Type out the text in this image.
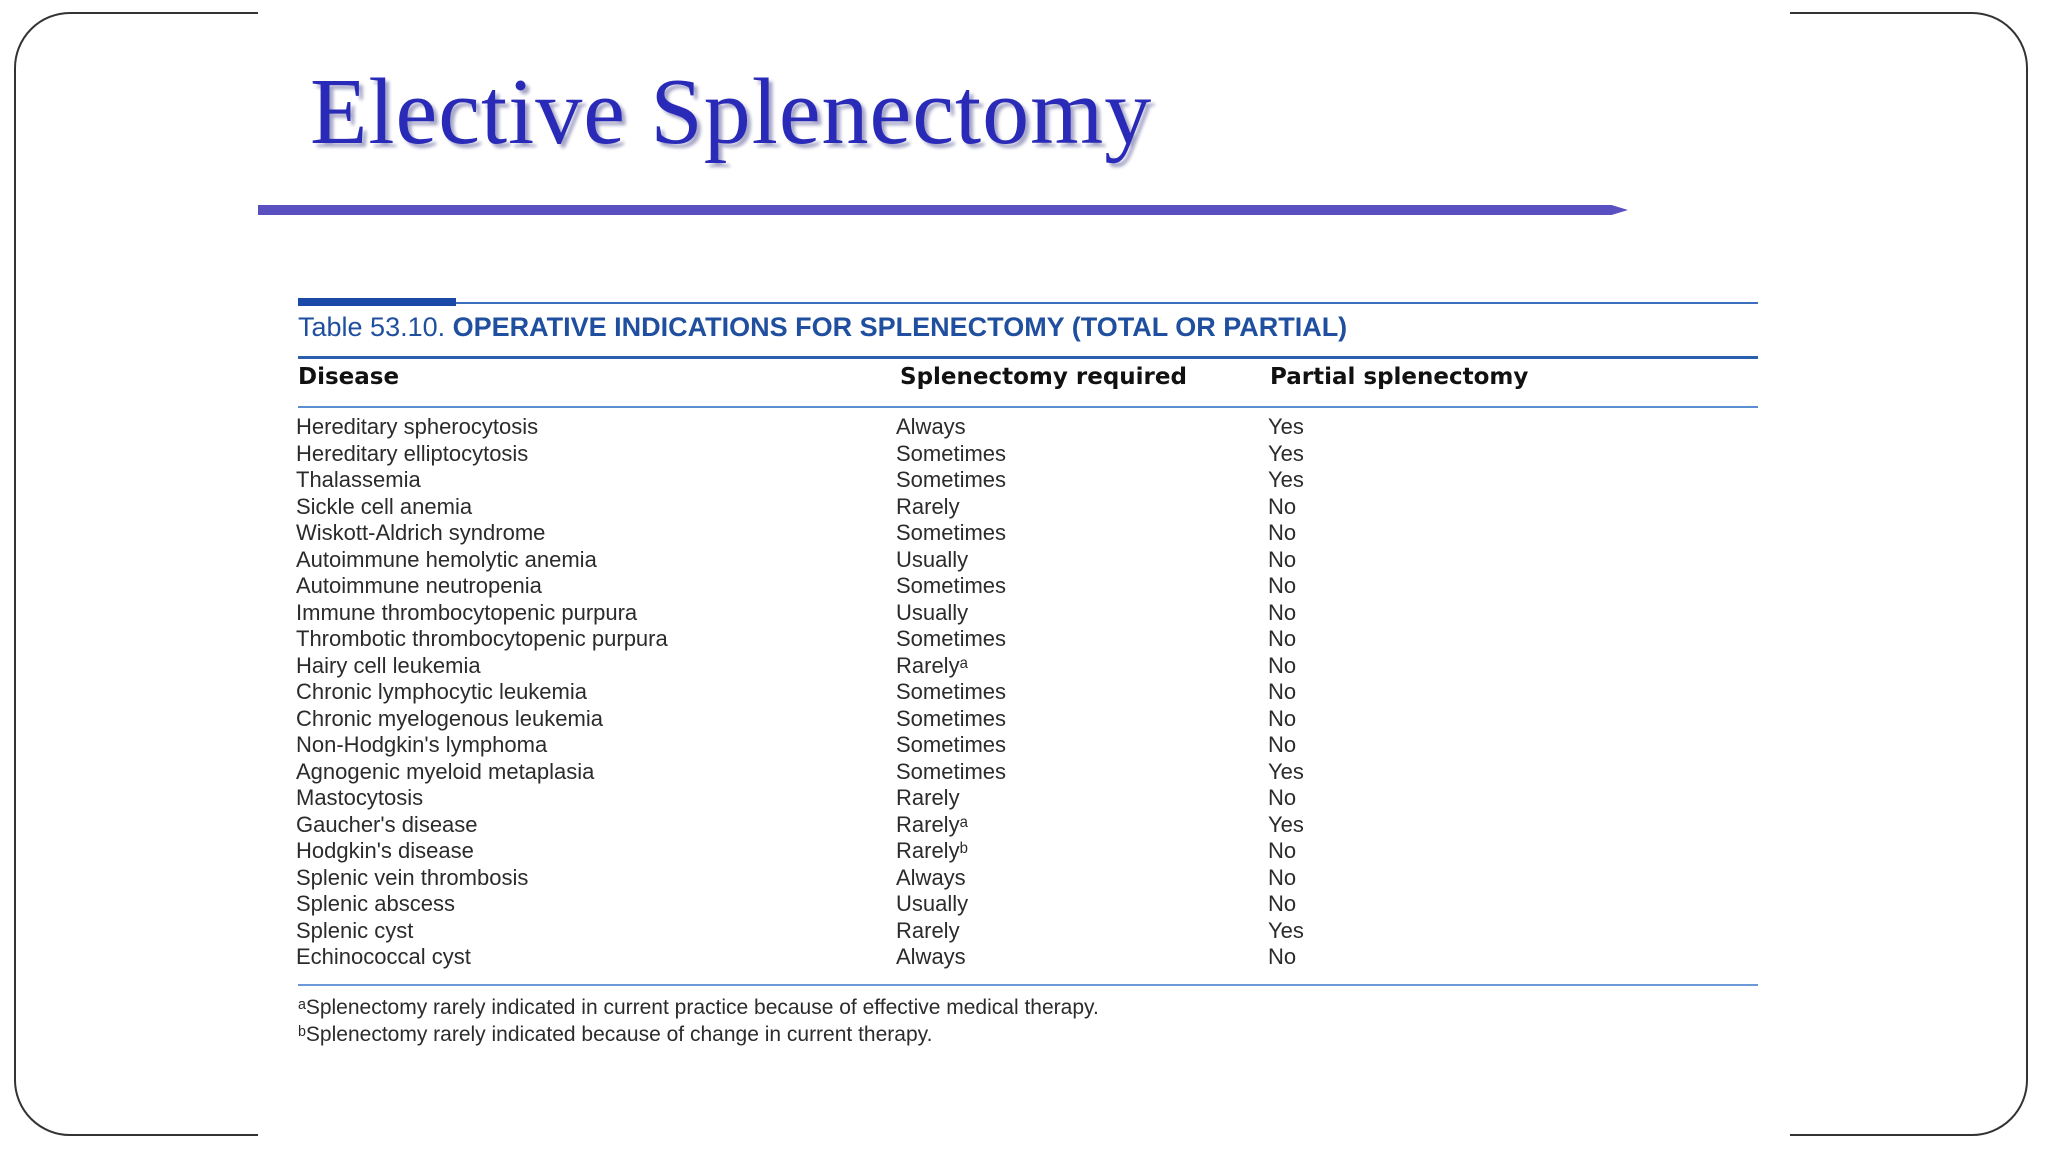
Elective Splenectomy
Table 53.10. OPERATIVE INDICATIONS FOR SPLENECTOMY (TOTAL OR PARTIAL)
Disease	Splenectomy required	Partial splenectomy
Hereditary spherocytosis	Always	Yes
Hereditary elliptocytosis	Sometimes	Yes
Thalassemia	Sometimes	Yes
Sickle cell anemia	Rarely	No
Wiskott-Aldrich syndrome	Sometimes	No
Autoimmune hemolytic anemia	Usually	No
Autoimmune neutropenia	Sometimes	No
Immune thrombocytopenic purpura	Usually	No
Thrombotic thrombocytopenic purpura	Sometimes	No
Hairy cell leukemia	Rarelyᵃ	No
Chronic lymphocytic leukemia	Sometimes	No
Chronic myelogenous leukemia	Sometimes	No
Non-Hodgkin's lymphoma	Sometimes	No
Agnogenic myeloid metaplasia	Sometimes	Yes
Mastocytosis	Rarely	No
Gaucher's disease	Rarelyᵃ	Yes
Hodgkin's disease	Rarelyᵇ	No
Splenic vein thrombosis	Always	No
Splenic abscess	Usually	No
Splenic cyst	Rarely	Yes
Echinococcal cyst	Always	No
ᵃSplenectomy rarely indicated in current practice because of effective medical therapy.
ᵇSplenectomy rarely indicated because of change in current therapy.
